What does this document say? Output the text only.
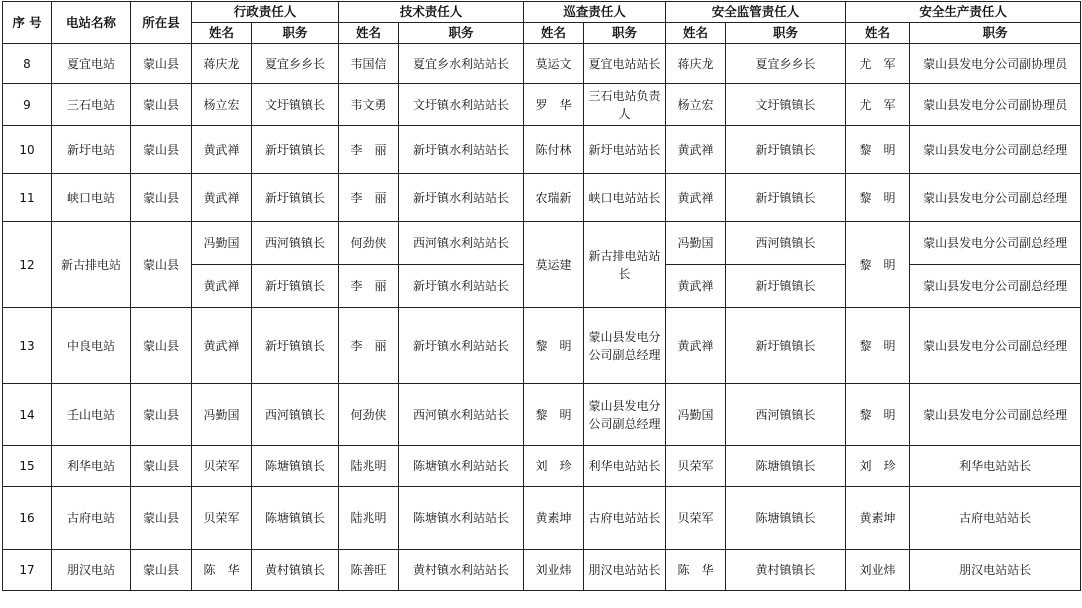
序 号	电站名称	所在县	行政责任人		技术责任人		巡查责任人		安全监管责任人		安全生产责任人	
			姓名	职务	姓名	职务	姓名	职务	姓名	职务	姓名	职务
8	夏宜电站	蒙山县	蒋庆龙	夏宜乡乡长	韦国信	夏宜乡水利站站长	莫运文	夏宜电站站长	蒋庆龙	夏宜乡乡长	尤　军	蒙山县发电分公司副协理员
9	三石电站	蒙山县	杨立宏	文圩镇镇长	韦文勇	文圩镇水利站站长	罗　华	三石电站负责人	杨立宏	文圩镇镇长	尤　军	蒙山县发电分公司副协理员
10	新圩电站	蒙山县	黄武禅	新圩镇镇长	李　丽	新圩镇水利站站长	陈付林	新圩电站站长	黄武禅	新圩镇镇长	黎　明	蒙山县发电分公司副总经理
11	峡口电站	蒙山县	黄武禅	新圩镇镇长	李　丽	新圩镇水利站站长	农瑞新	峡口电站站长	黄武禅	新圩镇镇长	黎　明	蒙山县发电分公司副总经理
12	新古排电站	蒙山县	冯勤国	西河镇镇长	何劲侠	西河镇水利站站长	莫运建	新古排电站站长	冯勤国	西河镇镇长	黎　明	蒙山县发电分公司副总经理
			黄武禅	新圩镇镇长	李　丽	新圩镇水利站站长			黄武禅	新圩镇镇长		蒙山县发电分公司副总经理
13	中良电站	蒙山县	黄武禅	新圩镇镇长	李　丽	新圩镇水利站站长	黎　明	蒙山县发电分公司副总经理	黄武禅	新圩镇镇长	黎　明	蒙山县发电分公司副总经理
14	壬山电站	蒙山县	冯勤国	西河镇镇长	何劲侠	西河镇水利站站长	黎　明	蒙山县发电分公司副总经理	冯勤国	西河镇镇长	黎　明	蒙山县发电分公司副总经理
15	利华电站	蒙山县	贝荣军	陈塘镇镇长	陆兆明	陈塘镇水利站站长	刘　珍	利华电站站长	贝荣军	陈塘镇镇长	刘　珍	利华电站站长
16	古府电站	蒙山县	贝荣军	陈塘镇镇长	陆兆明	陈塘镇水利站站长	黄素坤	古府电站站长	贝荣军	陈塘镇镇长	黄素坤	古府电站站长
17	朋汉电站	蒙山县	陈　华	黄村镇镇长	陈善旺	黄村镇水利站站长	刘业炜	朋汉电站站长	陈　华	黄村镇镇长	刘业炜	朋汉电站站长
